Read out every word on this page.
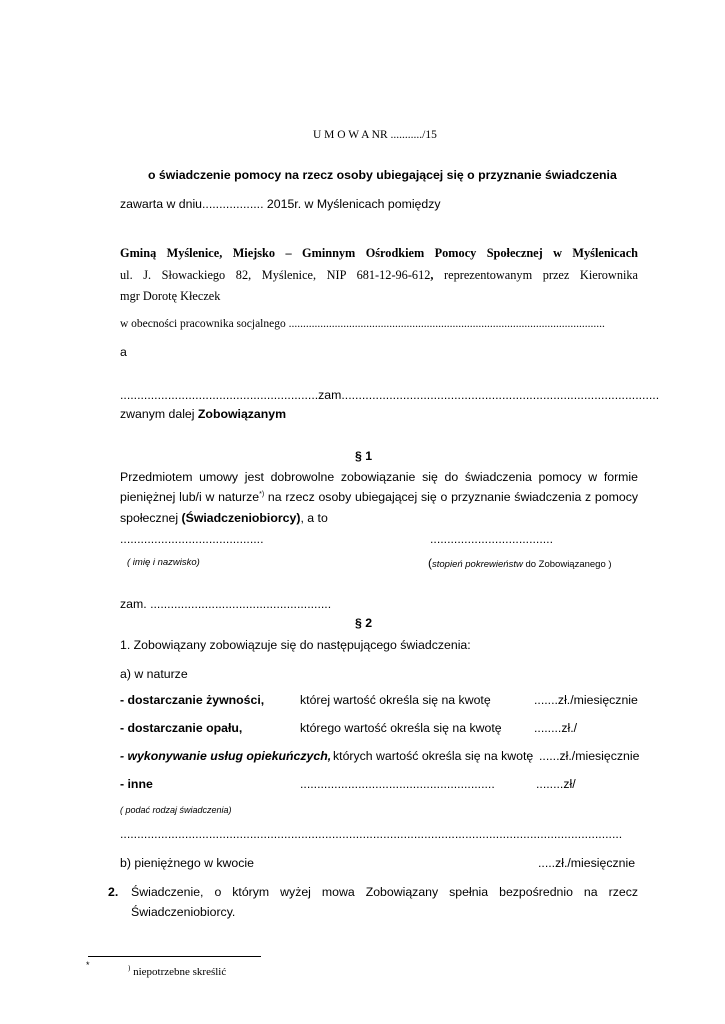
U M O W A NR .........../15
o świadczenie pomocy na rzecz osoby ubiegającej się o przyznanie świadczenia
zawarta w dniu.................. 2015r. w Myślenicach pomiędzy
Gminą Myślenice, Miejsko – Gminnym Ośrodkiem Pomocy Społecznej w Myślenicach
ul. J. Słowackiego 82, Myślenice, NIP 681-12-96-612, reprezentowanym przez Kierownika
mgr Dorotę Kłeczek
w obecności pracownika socjalnego ..............................................................................................................
a
..........................................................zam.............................................................................................
zwanym dalej Zobowiązanym
§ 1
Przedmiotem umowy jest dobrowolne zobowiązanie się do świadczenia pomocy w formie
pieniężnej lub/i w naturze*) na rzecz osoby ubiegającej się o przyznanie świadczenia z pomocy
społecznej (Świadczeniobiorcy), a to
..........................................	....................................
( imię i nazwisko)	(stopień pokrewieństw do Zobowiązanego )
zam. .....................................................
§ 2
1. Zobowiązany zobowiązuje się do następującego świadczenia:
a) w naturze
- dostarczanie żywności,	której wartość określa się na kwotę	.......zł./miesięcznie
- dostarczanie opału,	którego wartość określa się na kwotę	........zł./
- wykonywanie usług opiekuńczych, których wartość określa się na kwotę ......zł./miesięcznie
- inne	.........................................................	........zł/
( podać rodzaj świadczenia)
...................................................................................................................................................
b) pieniężnego w kwocie	.....zł./miesięcznie
2. Świadczenie, o którym wyżej mowa Zobowiązany spełnia bezpośrednio na rzecz
Świadczeniobiorcy.
*	) niepotrzebne skreślić
